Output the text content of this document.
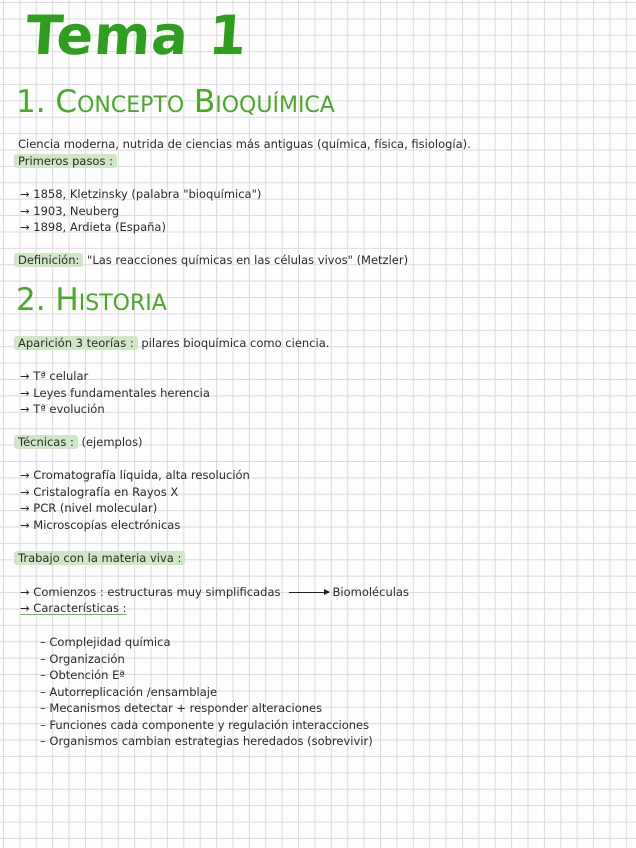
Tema 1
1. Concepto Bioquímica
Ciencia moderna, nutrida de ciencias más antiguas (química, física, fisiología).
Primeros pasos :
→ 1858, Kletzinsky (palabra "bioquímica")
→ 1903, Neuberg
→ 1898, Ardieta (España)
Definición: "Las reacciones químicas en las células vivos" (Metzler)
2. Historia
Aparición 3 teorías : pilares bioquímica como ciencia.
→ Tª celular
→ Leyes fundamentales herencia
→ Tª evolución
Técnicas : (ejemplos)
→ Cromatografía líquida, alta resolución
→ Cristalografía en Rayos X
→ PCR (nivel molecular)
→ Microscopías electrónicas
Trabajo con la materia viva :
→ Comienzos : estructuras muy simplificadas	Biomoléculas
→ Características :
– Complejidad química
– Organización
– Obtención Eª
– Autorreplicación /ensamblaje
– Mecanismos detectar + responder alteraciones
– Funciones cada componente y regulación interacciones
– Organismos cambian estrategias heredados (sobrevivir)
